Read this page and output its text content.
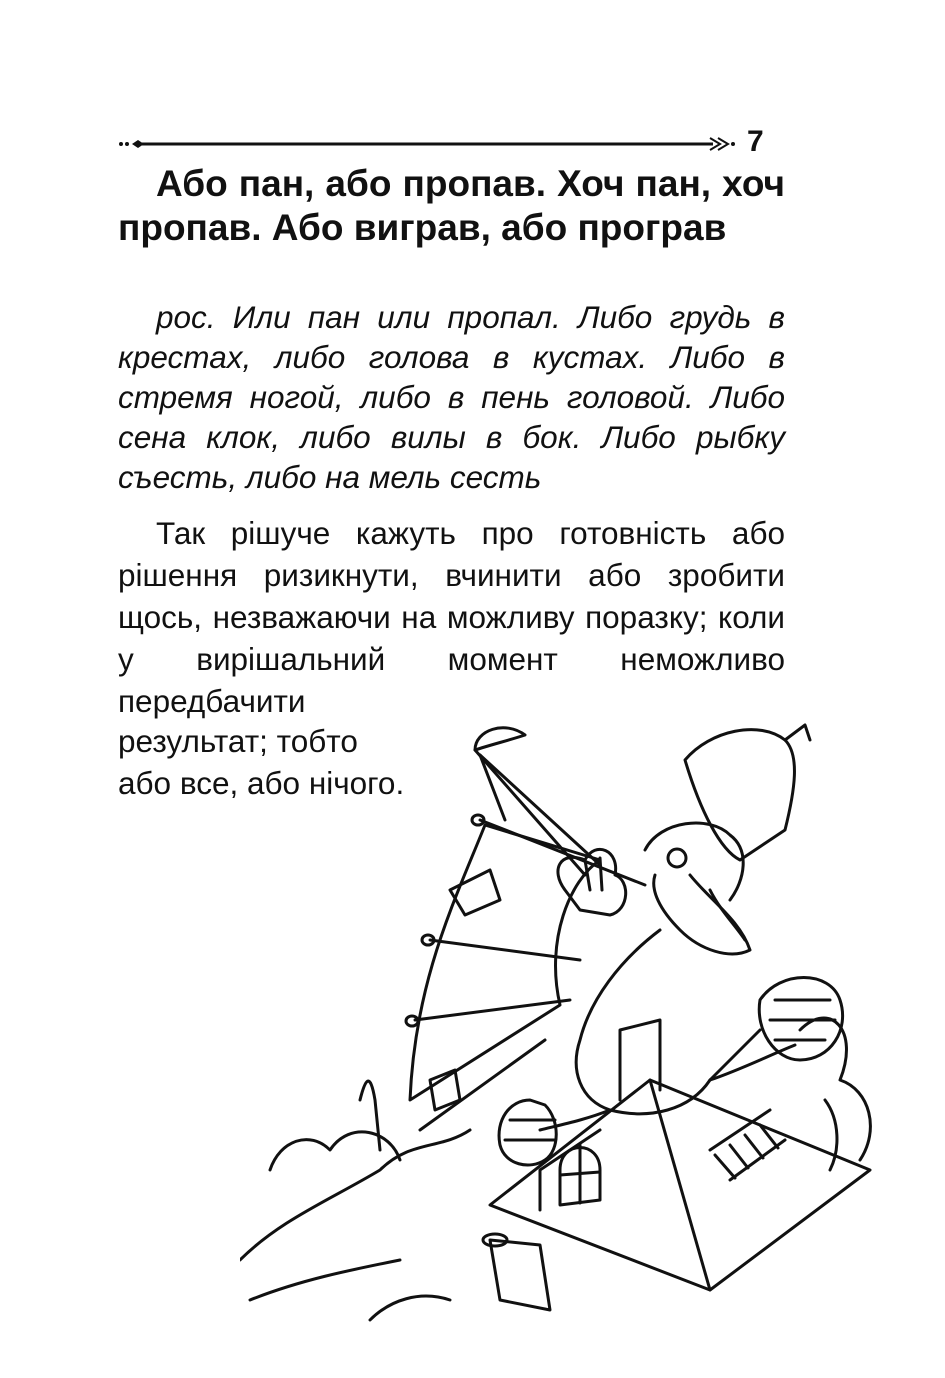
7

Або пан, або пропав. Хоч пан, хоч пропав. Або виграв, або програв

рос. Или пан или пропал. Либо грудь в крестах, либо голова в кустах. Либо в стремя ногой, либо в пень головой. Либо сена клок, либо вилы в бок. Либо рыбку съесть, либо на мель сесть

Так рішуче кажуть про готовність або рішення ризикнути, вчинити або зробити щось, незважаючи на можливу поразку; коли у вирішальний момент неможливо передбачити

результат; тобто або все, або нічого.
